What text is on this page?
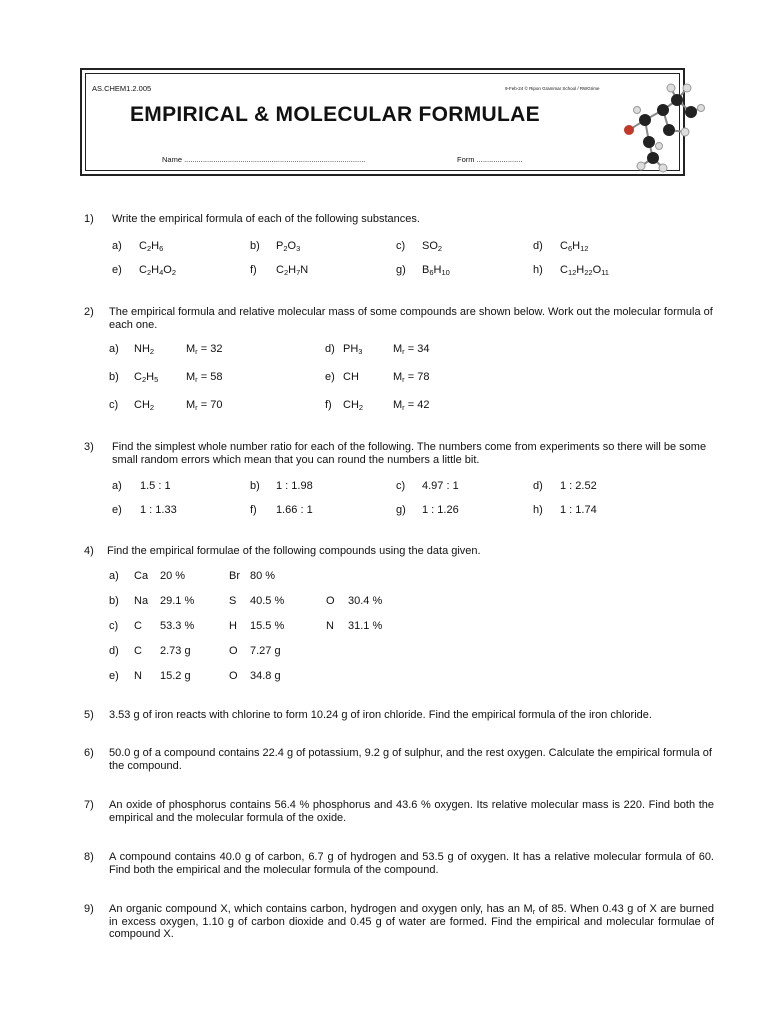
AS.CHEM1.2.005	9-Feb-24 © Ripon Grammar School / RWGrime
EMPIRICAL & MOLECULAR FORMULAE
Name .......................................................................................	Form ......................
1) Write the empirical formula of each of the following substances.
a) $C_2H_6$	b) $P_2O_3$	c) $SO_2$	d) $C_6H_{12}$
e) $C_2H_4O_2$	f) $C_2H_7N$	g) $B_6H_{10}$	h) $C_{12}H_{22}O_{11}$
2) The empirical formula and relative molecular mass of some compounds are shown below. Work out the molecular formula of each one.
a) $NH_2$	$M_r = 32$	d) $PH_3$	$M_r = 34$
b) $C_2H_5$	$M_r = 58$	e) CH	$M_r = 78$
c) $CH_2$	$M_r = 70$	f) $CH_2$	$M_r = 42$
3) Find the simplest whole number ratio for each of the following. The numbers come from experiments so there will be some small random errors which mean that you can round the numbers a little bit.
a) 1.5 : 1	b) 1 : 1.98	c) 4.97 : 1	d) 1 : 2.52
e) 1 : 1.33	f) 1.66 : 1	g) 1 : 1.26	h) 1 : 1.74
4) Find the empirical formulae of the following compounds using the data given.
a) Ca 20 %	Br 80 %
b) Na 29.1 %	S 40.5 %	O 30.4 %
c) C 53.3 %	H 15.5 %	N 31.1 %
d) C 2.73 g	O 7.27 g
e) N 15.2 g	O 34.8 g
5) 3.53 g of iron reacts with chlorine to form 10.24 g of iron chloride. Find the empirical formula of the iron chloride.
6) 50.0 g of a compound contains 22.4 g of potassium, 9.2 g of sulphur, and the rest oxygen. Calculate the empirical formula of the compound.
7) An oxide of phosphorus contains 56.4 % phosphorus and 43.6 % oxygen. Its relative molecular mass is 220. Find both the empirical and the molecular formula of the oxide.
8) A compound contains 40.0 g of carbon, 6.7 g of hydrogen and 53.5 g of oxygen. It has a relative molecular formula of 60. Find both the empirical and the molecular formula of the compound.
9) An organic compound X, which contains carbon, hydrogen and oxygen only, has an $M_r$ of 85. When 0.43 g of X are burned in excess oxygen, 1.10 g of carbon dioxide and 0.45 g of water are formed. Find the empirical and molecular formulae of compound X.
